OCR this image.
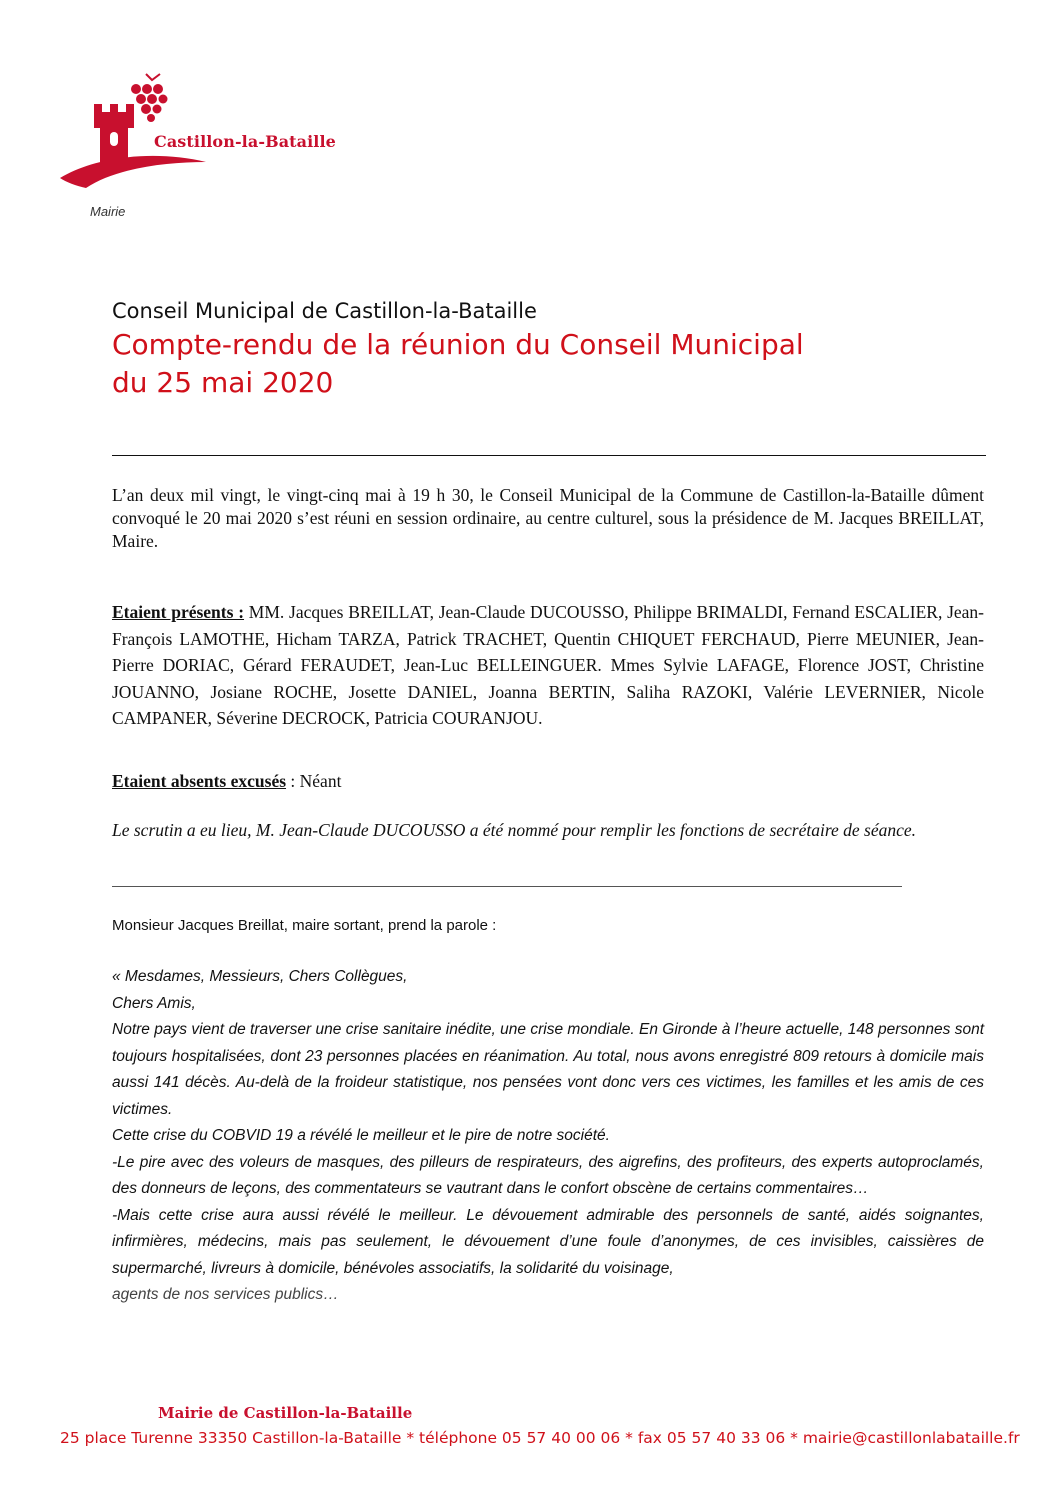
Castillon-la-Bataille
Mairie
Conseil Municipal de Castillon-la-Bataille
Compte-rendu de la réunion du Conseil Municipal
du 25 mai 2020
L’an deux mil vingt, le vingt-cinq mai à 19 h 30, le Conseil Municipal de la Commune de Castillon-la-Bataille dûment convoqué le 20 mai 2020 s’est réuni en session ordinaire, au centre culturel, sous la présidence de M. Jacques BREILLAT, Maire.
Etaient présents : MM. Jacques BREILLAT, Jean-Claude DUCOUSSO, Philippe BRIMALDI, Fernand ESCALIER, Jean-François LAMOTHE, Hicham TARZA, Patrick TRACHET, Quentin CHIQUET FERCHAUD, Pierre MEUNIER, Jean-Pierre DORIAC, Gérard FERAUDET, Jean-Luc BELLEINGUER. Mmes Sylvie LAFAGE, Florence JOST, Christine JOUANNO, Josiane ROCHE, Josette DANIEL, Joanna BERTIN, Saliha RAZOKI, Valérie LEVERNIER, Nicole CAMPANER, Séverine DECROCK, Patricia COURANJOU.
Etaient absents excusés : Néant
Le scrutin a eu lieu, M. Jean-Claude DUCOUSSO a été nommé pour remplir les fonctions de secrétaire de séance.
Monsieur Jacques Breillat, maire sortant, prend la parole :

« Mesdames, Messieurs, Chers Collègues,

Chers Amis,

Notre pays vient de traverser une crise sanitaire inédite, une crise mondiale. En Gironde à l’heure actuelle, 148 personnes sont toujours hospitalisées, dont 23 personnes placées en réanimation. Au total, nous avons enregistré 809 retours à domicile mais aussi 141 décès. Au-delà de la froideur statistique, nos pensées vont donc vers ces victimes, les familles et les amis de ces victimes.

Cette crise du COBVID 19 a révélé le meilleur et le pire de notre société.

-Le pire avec des voleurs de masques, des pilleurs de respirateurs, des aigrefins, des profiteurs, des experts autoproclamés, des donneurs de leçons, des commentateurs se vautrant dans le confort obscène de certains commentaires…

-Mais cette crise aura aussi révélé le meilleur. Le dévouement admirable des personnels de santé, aidés soignantes, infirmières, médecins, mais pas seulement, le dévouement d’une foule d’anonymes, de ces invisibles, caissières de supermarché, livreurs à domicile, bénévoles associatifs, la solidarité du voisinage,

agents de nos services publics…

Mairie de Castillon-la-Bataille
25 place Turenne 33350 Castillon-la-Bataille * téléphone 05 57 40 00 06 * fax 05 57 40 33 06 * mairie@castillonlabataille.fr
